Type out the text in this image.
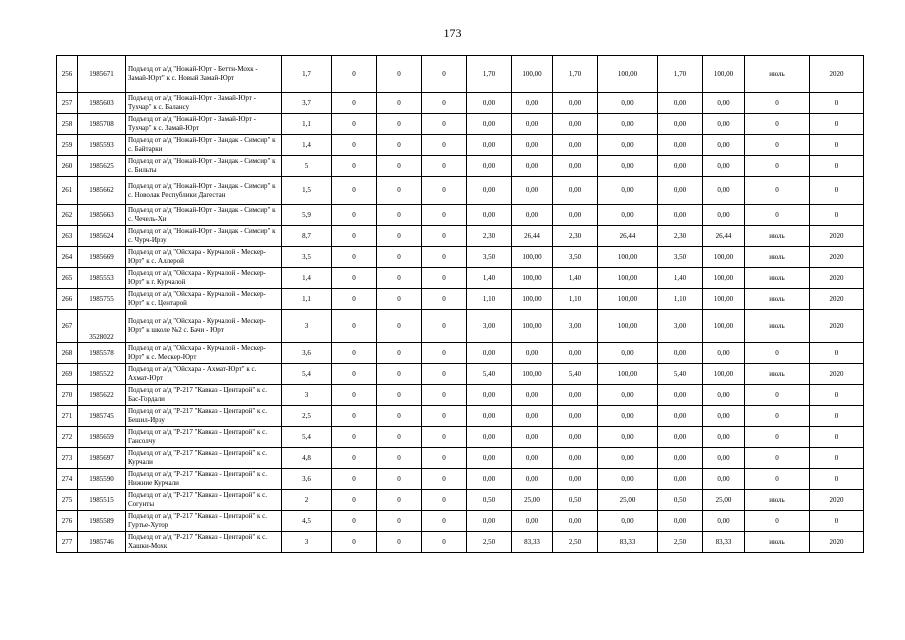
173
256	1985671	Подъезд от а/д "Ножай-Юрт - Беттн-Мохк - Замай-Юрт" к с. Новый Замай-Юрт	1,7	0	0	0	1,70	100,00	1,70	100,00	1,70	100,00	июль	2020
257	1985603	Подъезд от а/д "Ножай-Юрт - Замай-Юрт - Тухчар" к с. Балансу	3,7	0	0	0	0,00	0,00	0,00	0,00	0,00	0,00	0	0
258	1985708	Подъезд от а/д "Ножай-Юрт - Замай-Юрт - Тухчар" к с. Замай-Юрт	1,1	0	0	0	0,00	0,00	0,00	0,00	0,00	0,00	0	0
259	1985593	Подъезд от а/д "Ножай-Юрт - Зандак - Симсир" к с. Байтарки	1,4	0	0	0	0,00	0,00	0,00	0,00	0,00	0,00	0	0
260	1985625	Подъезд от а/д "Ножай-Юрт - Зандак - Симсир" к с. Бильты	5	0	0	0	0,00	0,00	0,00	0,00	0,00	0,00	0	0
261	1985662	Подъезд от а/д "Ножай-Юрт - Зандак - Симсир" к с. Новолак Республики Дагестан	1,5	0	0	0	0,00	0,00	0,00	0,00	0,00	0,00	0	0
262	1985663	Подъезд от а/д "Ножай-Юрт - Зандак - Симсир" к с. Чечель-Хи	5,9	0	0	0	0,00	0,00	0,00	0,00	0,00	0,00	0	0
263	1985624	Подъезд от а/д "Ножай-Юрт - Зандак - Симсир" к с. Чурч-Ирзу	8,7	0	0	0	2,30	26,44	2,30	26,44	2,30	26,44	июль	2020
264	1985669	Подъезд от а/д "Ойсхара - Курчалой - Мескер-Юрт" к с. Аллерой	3,5	0	0	0	3,50	100,00	3,50	100,00	3,50	100,00	июль	2020
265	1985553	Подъезд от а/д "Ойсхара - Курчалой - Мескер-Юрт" к г. Курчалой	1,4	0	0	0	1,40	100,00	1,40	100,00	1,40	100,00	июль	2020
266	1985755	Подъезд от а/д "Ойсхара - Курчалой - Мескер-Юрт" к с. Центарой	1,1	0	0	0	1,10	100,00	1,10	100,00	1,10	100,00	июль	2020
267	3528022	Подъезд от а/д "Ойсхара - Курчалой - Мескер-Юрт" к школе №2 с. Бачи - Юрт	3	0	0	0	3,00	100,00	3,00	100,00	3,00	100,00	июль	2020
268	1985578	Подъезд от а/д "Ойсхара - Курчалой - Мескер-Юрт" к с. Мескер-Юрт	3,6	0	0	0	0,00	0,00	0,00	0,00	0,00	0,00	0	0
269	1985522	Подъезд от а/д "Ойсхара - Ахмат-Юрт" к с. Ахмат-Юрт	5,4	0	0	0	5,40	100,00	5,40	100,00	5,40	100,00	июль	2020
270	1985622	Подъезд от а/д "Р-217 "Кавказ - Центарой" к с. Бас-Гордали	3	0	0	0	0,00	0,00	0,00	0,00	0,00	0,00	0	0
271	1985745	Подъезд от а/д "Р-217 "Кавказ - Центарой" к с. Бешил-Ирзу	2,5	0	0	0	0,00	0,00	0,00	0,00	0,00	0,00	0	0
272	1985659	Подъезд от а/д "Р-217 "Кавказ - Центарой" к с. Гансолчу	5,4	0	0	0	0,00	0,00	0,00	0,00	0,00	0,00	0	0
273	1985697	Подъезд от а/д "Р-217 "Кавказ - Центарой" к с. Курчали	4,8	0	0	0	0,00	0,00	0,00	0,00	0,00	0,00	0	0
274	1985590	Подъезд от а/д "Р-217 "Кавказ - Центарой" к с. Нижние Курчали	3,6	0	0	0	0,00	0,00	0,00	0,00	0,00	0,00	0	0
275	1985515	Подъезд от а/д "Р-217 "Кавказ - Центарой" к с. Согунты	2	0	0	0	0,50	25,00	0,50	25,00	0,50	25,00	июль	2020
276	1985589	Подъезд от а/д "Р-217 "Кавказ - Центарой" к с. Гуртье-Хутор	4,5	0	0	0	0,00	0,00	0,00	0,00	0,00	0,00	0	0
277	1985746	Подъезд от а/д "Р-217 "Кавказ - Центарой" к с. Хашки-Мохк	3	0	0	0	2,50	83,33	2,50	83,33	2,50	83,33	июль	2020
